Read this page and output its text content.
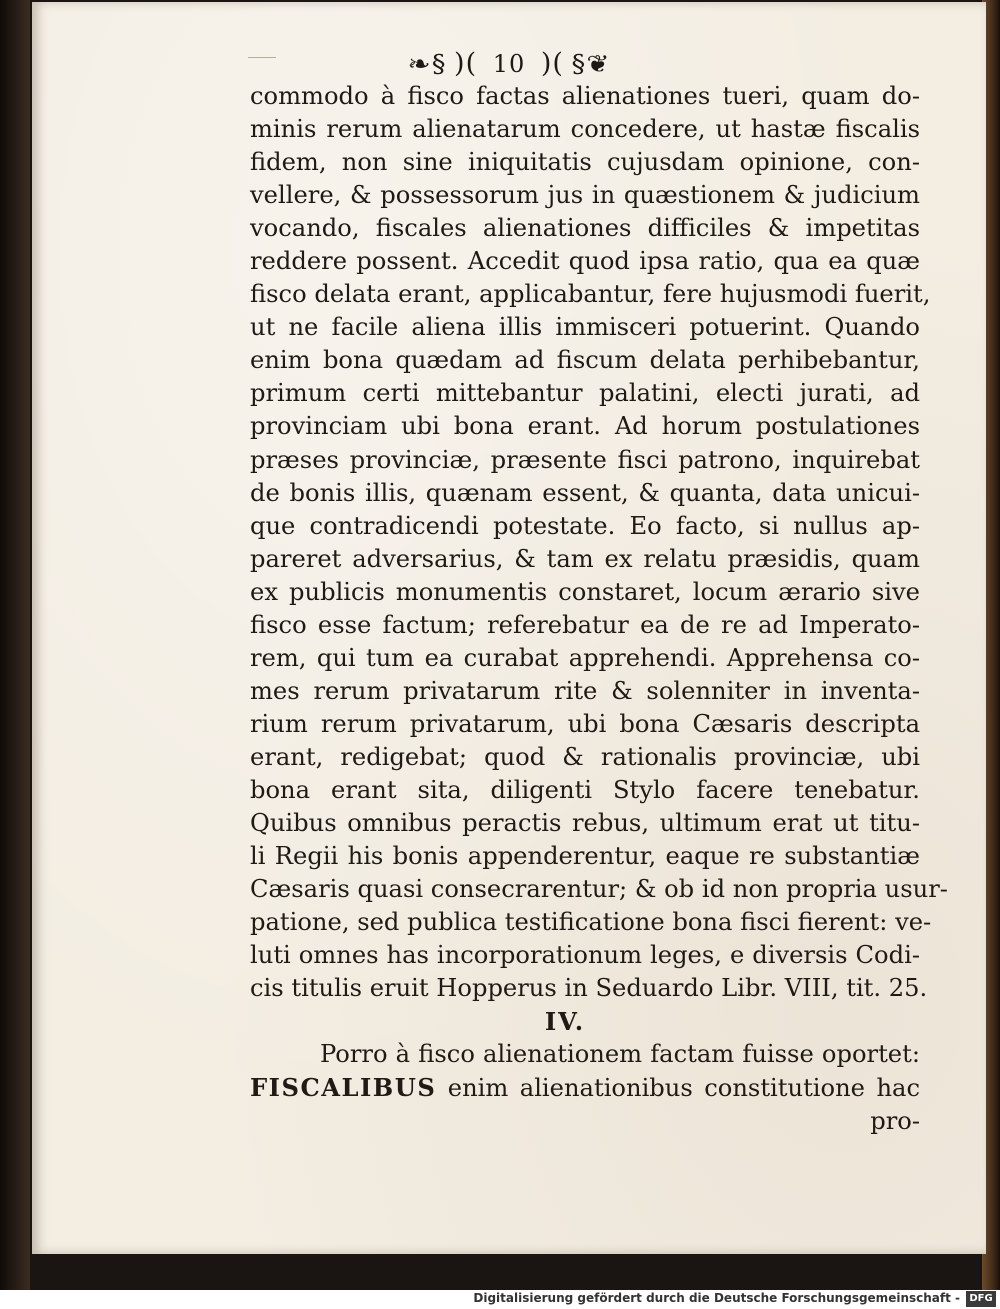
❧§ )( 10 )( §❦
commodo à fisco factas alienationes tueri, quam do-
minis rerum alienatarum concedere, ut hastæ fiscalis
fidem, non sine iniquitatis cujusdam opinione, con-
vellere, & possessorum jus in quæstionem & judicium
vocando, fiscales alienationes difficiles & impetitas
reddere possent. Accedit quod ipsa ratio, qua ea quæ
fisco delata erant, applicabantur, fere hujusmodi fuerit,
ut ne facile aliena illis immisceri potuerint. Quando
enim bona quædam ad fiscum delata perhibebantur,
primum certi mittebantur palatini, electi jurati, ad
provinciam ubi bona erant. Ad horum postulationes
præses provinciæ, præsente fisci patrono, inquirebat
de bonis illis, quænam essent, & quanta, data unicui-
que contradicendi potestate. Eo facto, si nullus ap-
pareret adversarius, & tam ex relatu præsidis, quam
ex publicis monumentis constaret, locum ærario sive
fisco esse factum; referebatur ea de re ad Imperato-
rem, qui tum ea curabat apprehendi. Apprehensa co-
mes rerum privatarum rite & solenniter in inventa-
rium rerum privatarum, ubi bona Cæsaris descripta
erant, redigebat; quod & rationalis provinciæ, ubi
bona erant sita, diligenti Stylo facere tenebatur.
Quibus omnibus peractis rebus, ultimum erat ut titu-
li Regii his bonis appenderentur, eaque re substantiæ
Cæsaris quasi consecrarentur; & ob id non propria usur-
patione, sed publica testificatione bona fisci fierent: ve-
luti omnes has incorporationum leges, e diversis Codi-
cis titulis eruit Hopperus in Seduardo Libr. VIII, tit. 25.
IV.
Porro à fisco alienationem factam fuisse oportet:
FISCALIBUS enim alienationibus constitutione hac
pro-
Digitalisierung gefördert durch die Deutsche Forschungsgemeinschaft - DFG
